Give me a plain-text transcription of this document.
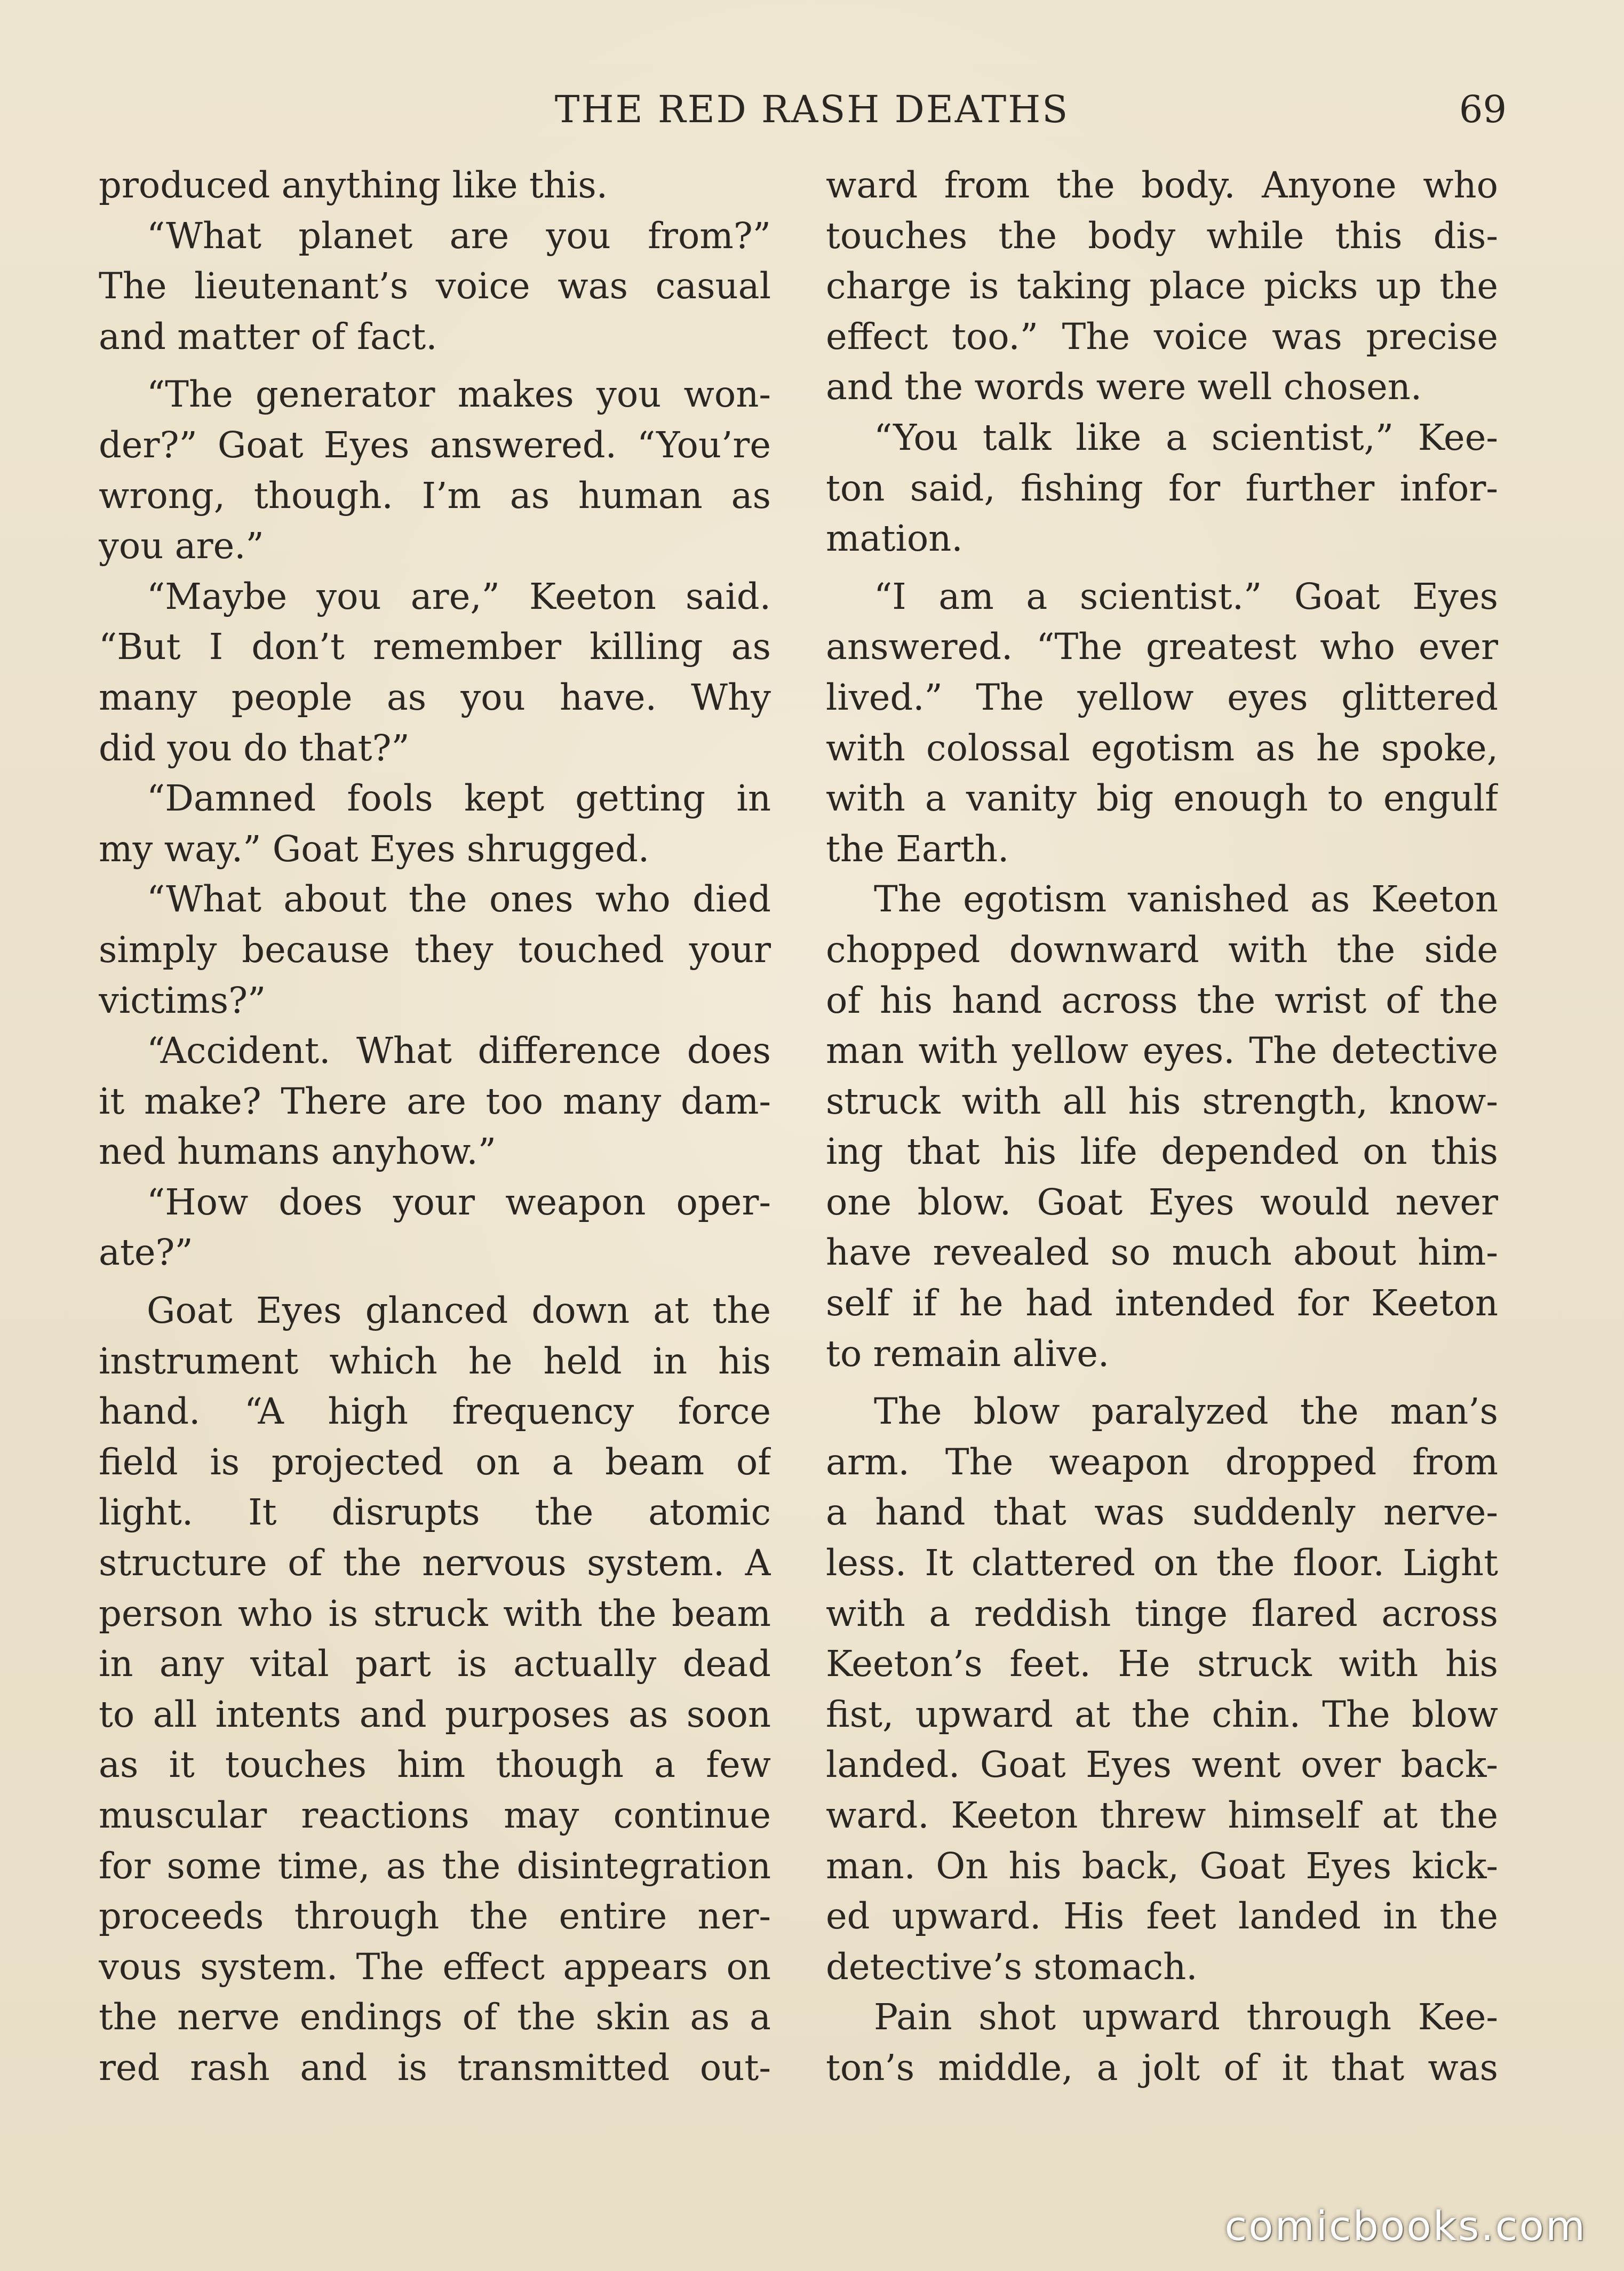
THE RED RASH DEATHS	69
produced anything like this.
“What planet are you from?”
The lieutenant’s voice was casual
and matter of fact.
“The generator makes you won-
der?” Goat Eyes answered. “You’re
wrong, though. I’m as human as
you are.”
“Maybe you are,” Keeton said.
“But I don’t remember killing as
many people as you have. Why
did you do that?”
“Damned fools kept getting in
my way.” Goat Eyes shrugged.
“What about the ones who died
simply because they touched your
victims?”
“Accident. What difference does
it make? There are too many dam-
ned humans anyhow.”
“How does your weapon oper-
ate?”
Goat Eyes glanced down at the
instrument which he held in his
hand. “A high frequency force
field is projected on a beam of
light. It disrupts the atomic
structure of the nervous system. A
person who is struck with the beam
in any vital part is actually dead
to all intents and purposes as soon
as it touches him though a few
muscular reactions may continue
for some time, as the disintegration
proceeds through the entire ner-
vous system. The effect appears on
the nerve endings of the skin as a
red rash and is transmitted out-
ward from the body. Anyone who
touches the body while this dis-
charge is taking place picks up the
effect too.” The voice was precise
and the words were well chosen.
“You talk like a scientist,” Kee-
ton said, fishing for further infor-
mation.
“I am a scientist.” Goat Eyes
answered. “The greatest who ever
lived.” The yellow eyes glittered
with colossal egotism as he spoke,
with a vanity big enough to engulf
the Earth.
The egotism vanished as Keeton
chopped downward with the side
of his hand across the wrist of the
man with yellow eyes. The detective
struck with all his strength, know-
ing that his life depended on this
one blow. Goat Eyes would never
have revealed so much about him-
self if he had intended for Keeton
to remain alive.
The blow paralyzed the man’s
arm. The weapon dropped from
a hand that was suddenly nerve-
less. It clattered on the floor. Light
with a reddish tinge flared across
Keeton’s feet. He struck with his
fist, upward at the chin. The blow
landed. Goat Eyes went over back-
ward. Keeton threw himself at the
man. On his back, Goat Eyes kick-
ed upward. His feet landed in the
detective’s stomach.
Pain shot upward through Kee-
ton’s middle, a jolt of it that was
comicbooks.com
